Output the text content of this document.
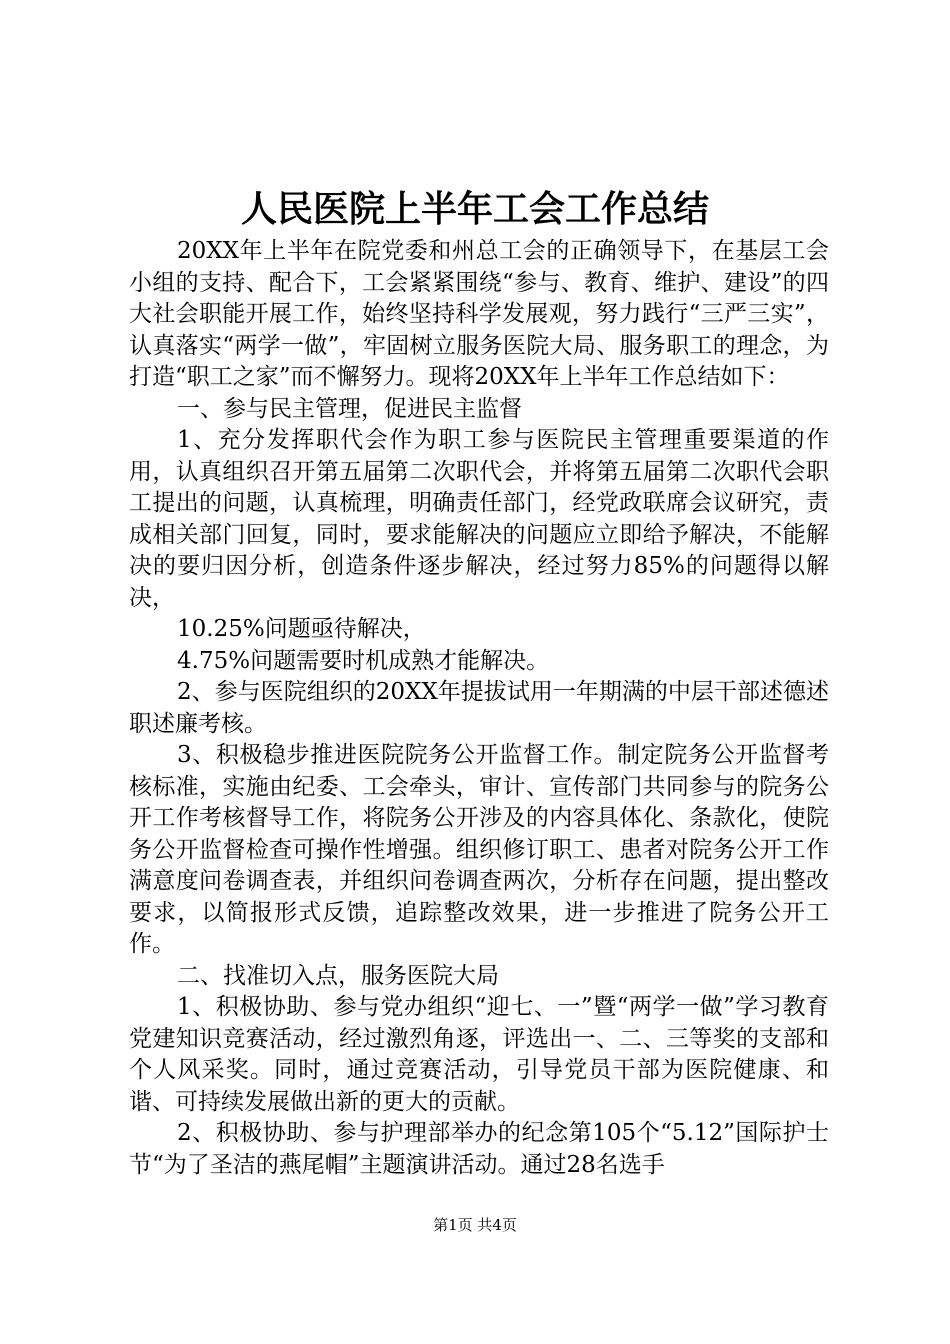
人民医院上半年工会工作总结

20XX年上半年在院党委和州总工会的正确领导下，在基层工会小组的支持、配合下，工会紧紧围绕“参与、教育、维护、建设”的四大社会职能开展工作，始终坚持科学发展观，努力践行“三严三实”，认真落实“两学一做”，牢固树立服务医院大局、服务职工的理念，为打造“职工之家”而不懈努力。现将20XX年上半年工作总结如下：

一、参与民主管理，促进民主监督

1、充分发挥职代会作为职工参与医院民主管理重要渠道的作用，认真组织召开第五届第二次职代会，并将第五届第二次职代会职工提出的问题，认真梳理，明确责任部门，经党政联席会议研究，责成相关部门回复，同时，要求能解决的问题应立即给予解决，不能解决的要归因分析，创造条件逐步解决，经过努力85%的问题得以解决，

10.25%问题亟待解决，

4.75%问题需要时机成熟才能解决。

2、参与医院组织的20XX年提拔试用一年期满的中层干部述德述职述廉考核。

3、积极稳步推进医院院务公开监督工作。制定院务公开监督考核标准，实施由纪委、工会牵头，审计、宣传部门共同参与的院务公开工作考核督导工作，将院务公开涉及的内容具体化、条款化，使院务公开监督检查可操作性增强。组织修订职工、患者对院务公开工作满意度问卷调查表，并组织问卷调查两次，分析存在问题，提出整改要求，以简报形式反馈，追踪整改效果，进一步推进了院务公开工作。

二、找准切入点，服务医院大局

1、积极协助、参与党办组织“迎七、一”暨“两学一做”学习教育党建知识竞赛活动，经过激烈角逐，评选出一、二、三等奖的支部和个人风采奖。同时，通过竞赛活动，引导党员干部为医院健康、和谐、可持续发展做出新的更大的贡献。

2、积极协助、参与护理部举办的纪念第105个“5.12”国际护士节“为了圣洁的燕尾帽”主题演讲活动。通过28名选手

第1页 共4页
